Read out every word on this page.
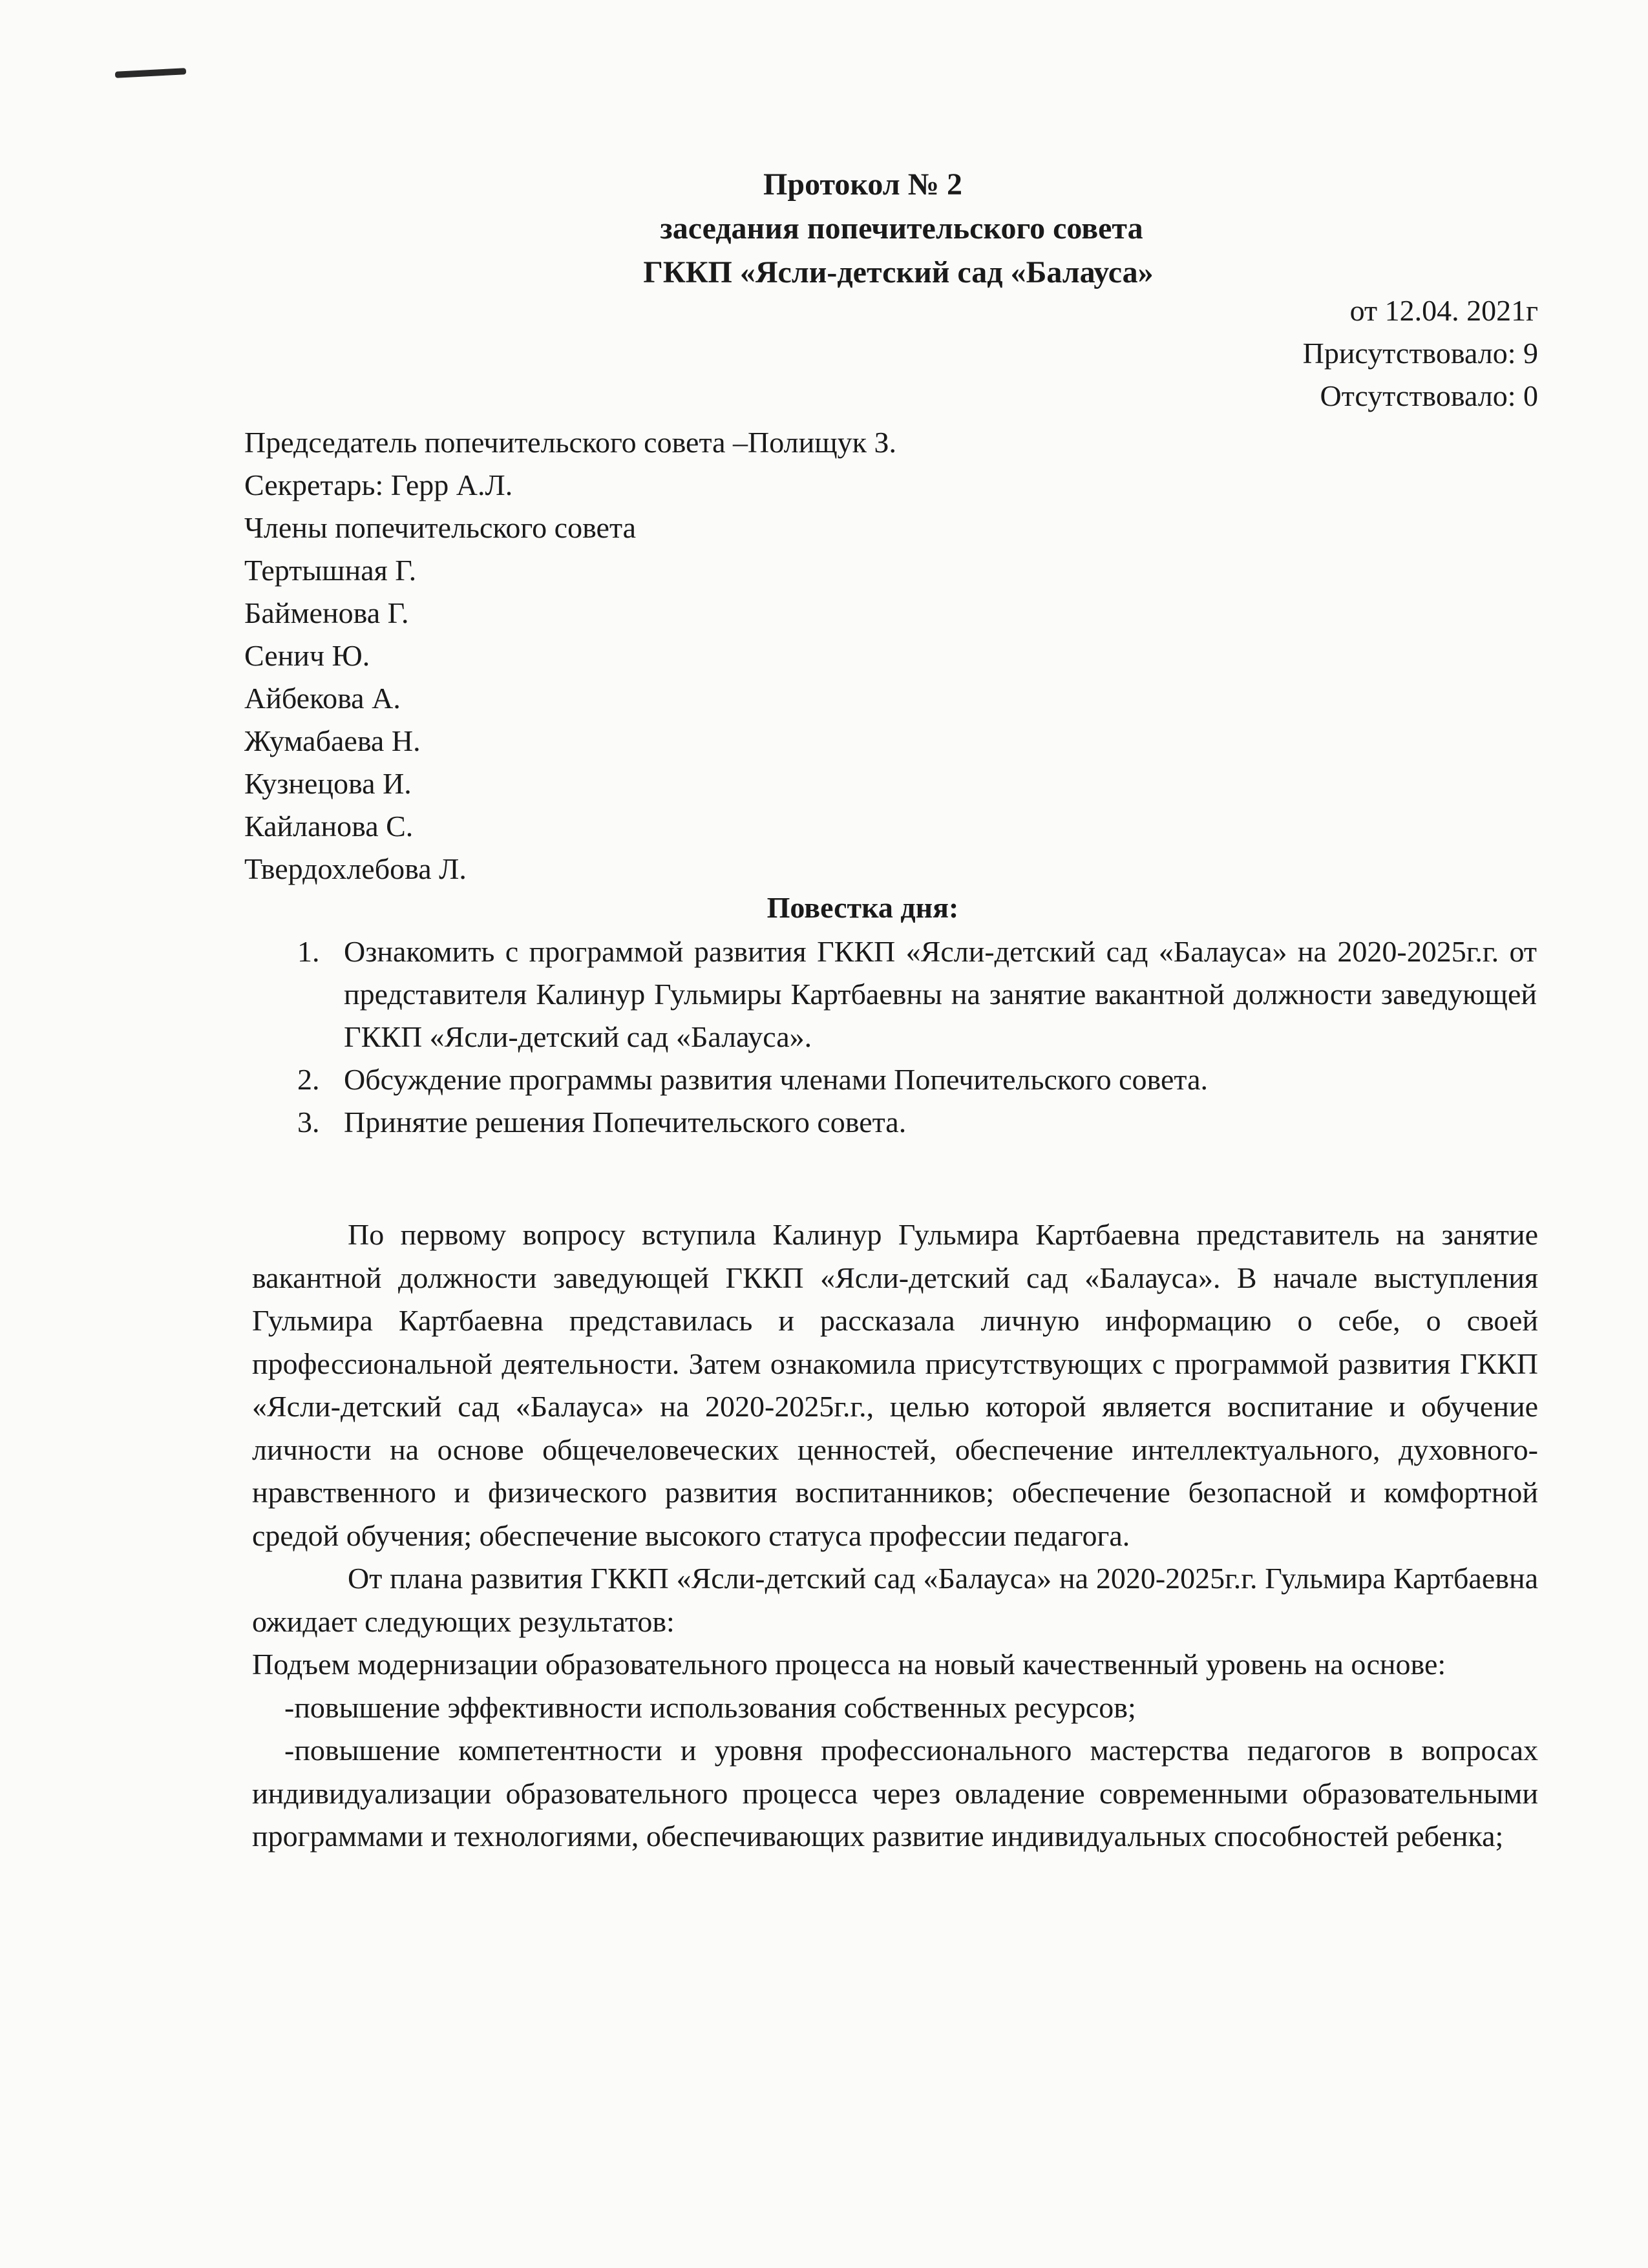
Протокол № 2
заседания попечительского совета
ГККП «Ясли-детский сад «Балауса»
от 12.04. 2021г
Присутствовало: 9
Отсутствовало: 0
Председатель попечительского совета –Полищук З.
Секретарь: Герр А.Л.
Члены попечительского совета
Тертышная Г.
Байменова Г.
Сенич Ю.
Айбекова А.
Жумабаева Н.
Кузнецова И.
Кайланова С.
Твердохлебова Л.
Повестка дня:
1. Ознакомить с программой развития ГККП «Ясли-детский сад «Балауса» на 2020-2025г.г. от представителя Калинур Гульмиры Картбаевны на занятие вакантной должности заведующей ГККП «Ясли-детский сад «Балауса».
2. Обсуждение программы развития членами Попечительского совета.
3. Принятие решения Попечительского совета.

По первому вопросу вступила Калинур Гульмира Картбаевна представитель на занятие вакантной должности заведующей ГККП «Ясли-детский сад «Балауса». В начале выступления Гульмира Картбаевна представилась и рассказала личную информацию о себе, о своей профессиональной деятельности. Затем ознакомила присутствующих с программой развития ГККП «Ясли-детский сад «Балауса» на 2020-2025г.г., целью которой является воспитание и обучение личности на основе общечеловеческих ценностей, обеспечение интеллектуального, духовного-нравственного и физического развития воспитанников; обеспечение безопасной и комфортной средой обучения; обеспечение высокого статуса профессии педагога.

От плана развития ГККП «Ясли-детский сад «Балауса» на 2020-2025г.г. Гульмира Картбаевна ожидает следующих результатов:

Подъем модернизации образовательного процесса на новый качественный уровень на основе:

-повышение эффективности использования собственных ресурсов;

-повышение компетентности и уровня профессионального мастерства педагогов в вопросах индивидуализации образовательного процесса через овладение современными образовательными программами и технологиями, обеспечивающих развитие индивидуальных способностей ребенка;
